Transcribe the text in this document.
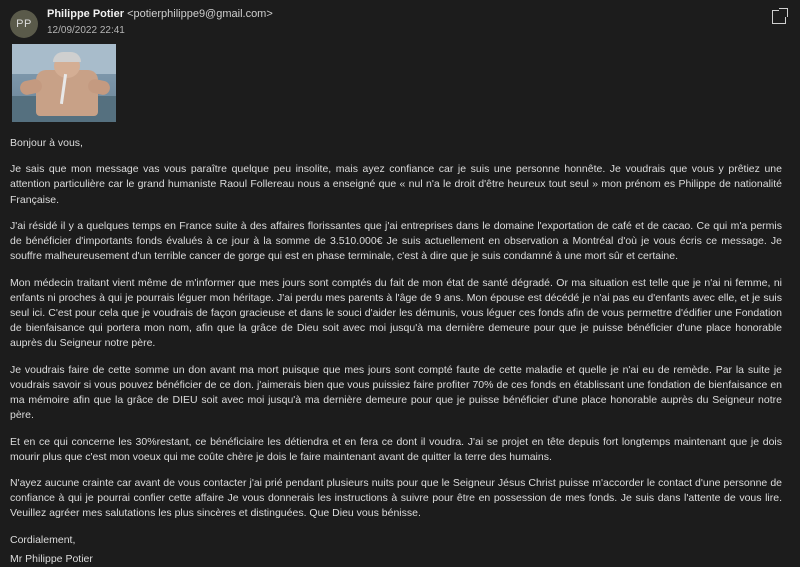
PP
Philippe Potier <potierphilippe9@gmail.com>
12/09/2022 22:41

Bonjour à vous,

Je sais que mon message vas vous paraître quelque peu insolite, mais ayez confiance car je suis une personne honnête. Je voudrais que vous y prêtiez une attention particulière car le grand humaniste Raoul Follereau nous a enseigné que « nul n'a le droit d'être heureux tout seul » mon prénom es Philippe de nationalité Française.

J'ai résidé il y a quelques temps en France suite à des affaires florissantes que j'ai entreprises dans le domaine l'exportation de café et de cacao. Ce qui m'a permis de bénéficier d'importants fonds évalués à ce jour à la somme de 3.510.000€ Je suis actuellement en observation a Montréal d'où je vous écris ce message. Je souffre malheureusement d'un terrible cancer de gorge qui est en phase terminale, c'est à dire que je suis condamné à une mort sûr et certaine.

Mon médecin traitant vient même de m'informer que mes jours sont comptés du fait de mon état de santé dégradé. Or ma situation est telle que je n'ai ni femme, ni enfants ni proches à qui je pourrais léguer mon héritage. J'ai perdu mes parents à l'âge de 9 ans. Mon épouse est décédé je n'ai pas eu d'enfants avec elle, et je suis seul ici. C'est pour cela que je voudrais de façon gracieuse et dans le souci d'aider les démunis, vous léguer ces fonds afin de vous permettre d'édifier une Fondation de bienfaisance qui portera mon nom, afin que la grâce de Dieu soit avec moi jusqu'à ma dernière demeure pour que je puisse bénéficier d'une place honorable auprès du Seigneur notre père.

Je voudrais faire de cette somme un don avant ma mort puisque que mes jours sont compté faute de cette maladie et quelle je n'ai eu de remède. Par la suite je voudrais savoir si vous pouvez bénéficier de ce don. j'aimerais bien que vous puissiez faire profiter 70% de ces fonds en établissant une fondation de bienfaisance en ma mémoire afin que la grâce de DIEU soit avec moi jusqu'à ma dernière demeure pour que je puisse bénéficier d'une place honorable auprès du Seigneur notre père.

Et en ce qui concerne les 30%restant, ce bénéficiaire les détiendra et en fera ce dont il voudra. J'ai se projet en tête depuis fort longtemps maintenant que je dois mourir plus que c'est mon voeux qui me coûte chère je dois le faire maintenant avant de quitter la terre des humains.

N'ayez aucune crainte car avant de vous contacter j'ai prié pendant plusieurs nuits pour que le Seigneur Jésus Christ puisse m'accorder le contact d'une personne de confiance à qui je pourrai confier cette affaire Je vous donnerais les instructions à suivre pour être en possession de mes fonds. Je suis dans l'attente de vous lire. Veuillez agréer mes salutations les plus sincères et distinguées. Que Dieu vous bénisse.

Cordialement,

Mr Philippe Potier
